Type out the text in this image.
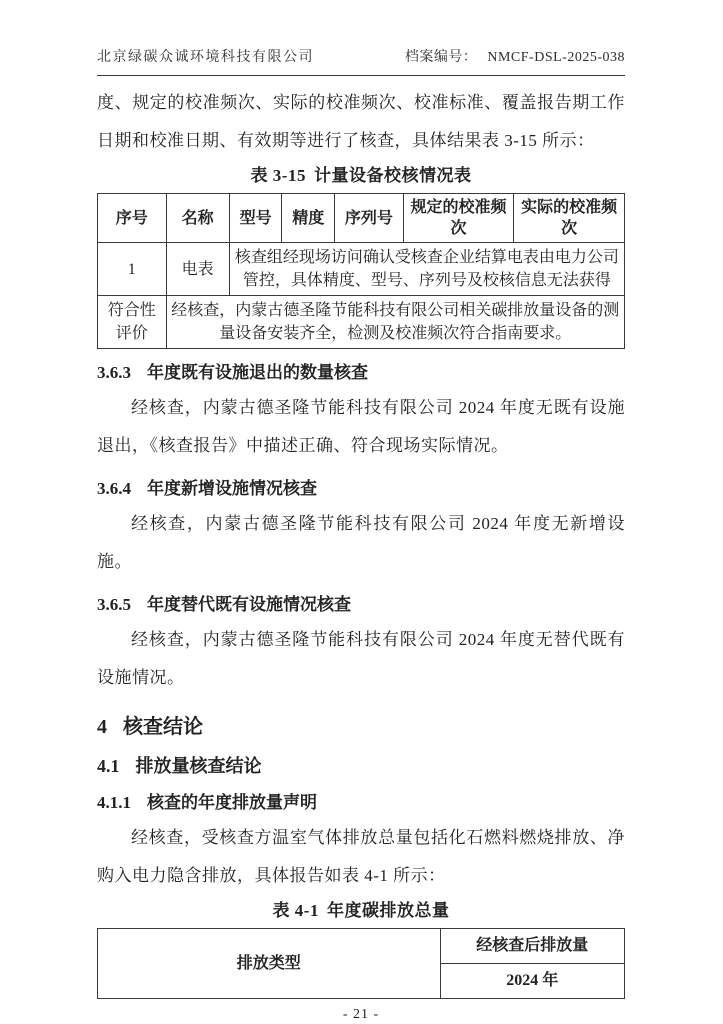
北京绿碳众诚环境科技有限公司	档案编号： NMCF-DSL-2025-038
度、规定的校准频次、实际的校准频次、校准标准、覆盖报告期工作日期和校准日期、有效期等进行了核查，具体结果表 3-15 所示：
表 3-15 计量设备校核情况表
序号	名称	型号	精度	序列号	规定的校准频次	实际的校准频次
1	电表	核查组经现场访问确认受核查企业结算电表由电力公司管控，具体精度、型号、序列号及校核信息无法获得				
符合性评价	经核查，内蒙古德圣隆节能科技有限公司相关碳排放量设备的测量设备安装齐全，检测及校准频次符合指南要求。					
3.6.3 年度既有设施退出的数量核查
经核查，内蒙古德圣隆节能科技有限公司 2024 年度无既有设施退出，《核查报告》中描述正确、符合现场实际情况。
3.6.4 年度新增设施情况核查
经核查，内蒙古德圣隆节能科技有限公司 2024 年度无新增设施。
3.6.5 年度替代既有设施情况核查
经核查，内蒙古德圣隆节能科技有限公司 2024 年度无替代既有设施情况。
4 核查结论
4.1 排放量核查结论
4.1.1 核查的年度排放量声明
经核查，受核查方温室气体排放总量包括化石燃料燃烧排放、净购入电力隐含排放，具体报告如表 4-1 所示：
表 4-1 年度碳排放总量
排放类型	经核查后排放量
2024 年
- 21 -
